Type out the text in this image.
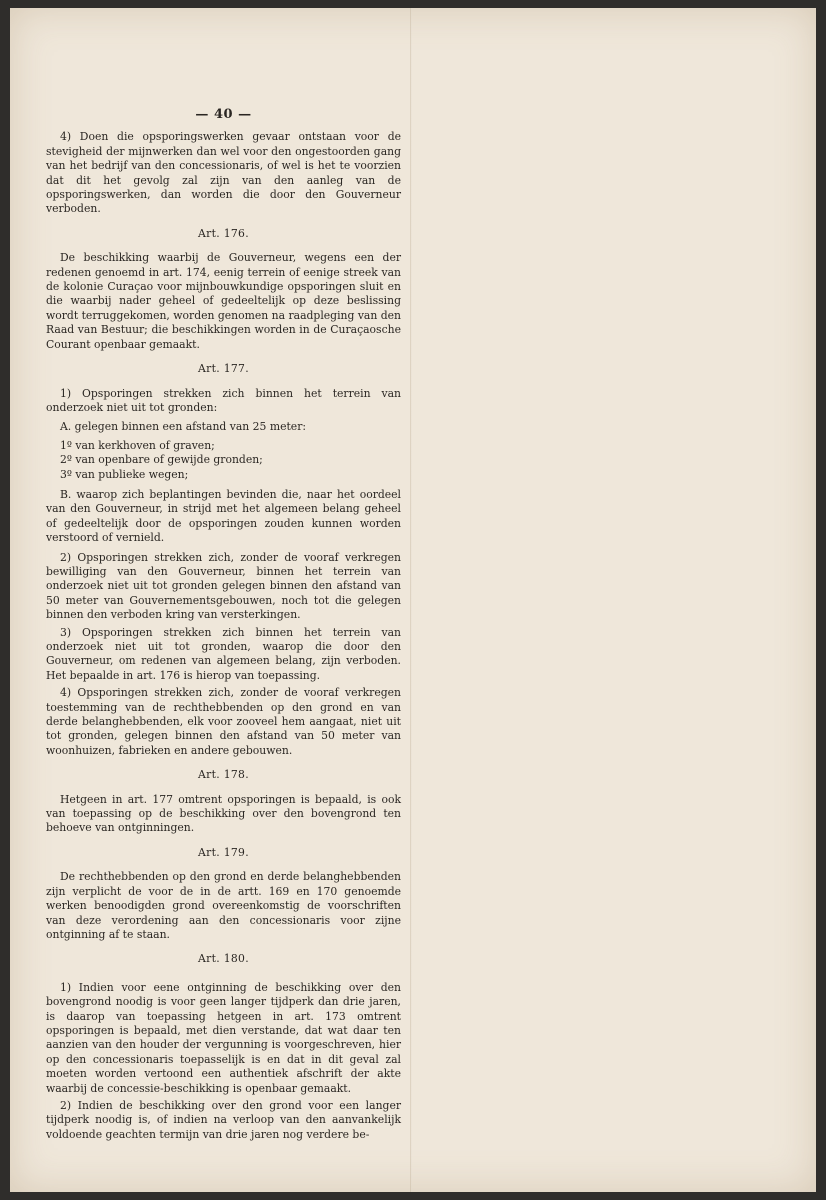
— 40 —

4) Doen die opsporingswerken gevaar ontstaan voor de stevigheid der mijnwerken dan wel voor den ongestoorden gang van het bedrijf van den concessionaris, of wel is het te voorzien dat dit het gevolg zal zijn van den aanleg van de opsporingswerken, dan worden die door den Gouverneur verboden.

Art. 176.

De beschikking waarbij de Gouverneur, wegens een der redenen genoemd in art. 174, eenig terrein of eenige streek van de kolonie Curaçao voor mijnbouwkundige opsporingen sluit en die waarbij nader geheel of gedeeltelijk op deze beslissing wordt terruggekomen, worden genomen na raadpleging van den Raad van Bestuur; die beschikkingen worden in de Curaçaosche Courant openbaar gemaakt.

Art. 177.

1) Opsporingen strekken zich binnen het terrein van onderzoek niet uit tot gronden:

A. gelegen binnen een afstand van 25 meter:

1º van kerkhoven of graven;

2º van openbare of gewijde gronden;

3º van publieke wegen;

B. waarop zich beplantingen bevinden die, naar het oordeel van den Gouverneur, in strijd met het algemeen belang geheel of gedeeltelijk door de opsporingen zouden kunnen worden verstoord of vernield.

2) Opsporingen strekken zich, zonder de vooraf verkregen bewilliging van den Gouverneur, binnen het terrein van onderzoek niet uit tot gronden gelegen binnen den afstand van 50 meter van Gouvernementsgebouwen, noch tot die gelegen binnen den verboden kring van versterkingen.

3) Opsporingen strekken zich binnen het terrein van onderzoek niet uit tot gronden, waarop die door den Gouverneur, om redenen van algemeen belang, zijn verboden. Het bepaalde in art. 176 is hierop van toepassing.

4) Opsporingen strekken zich, zonder de vooraf verkregen toestemming van de rechthebbenden op den grond en van derde belanghebbenden, elk voor zooveel hem aangaat, niet uit tot gronden, gelegen binnen den afstand van 50 meter van woonhuizen, fabrieken en andere gebouwen.

Art. 178.

Hetgeen in art. 177 omtrent opsporingen is bepaald, is ook van toepassing op de beschikking over den bovengrond ten behoeve van ontginningen.

Art. 179.

De rechthebbenden op den grond en derde belanghebbenden zijn verplicht de voor de in de artt. 169 en 170 genoemde werken benoodigden grond overeenkomstig de voorschriften van deze verordening aan den concessionaris voor zijne ontginning af te staan.

Art. 180.

1) Indien voor eene ontginning de beschikking over den bovengrond noodig is voor geen langer tijdperk dan drie jaren, is daarop van toepassing hetgeen in art. 173 omtrent opsporingen is bepaald, met dien verstande, dat wat daar ten aanzien van den houder der vergunning is voorgeschreven, hier op den concessionaris toepasselijk is en dat in dit geval zal moeten worden vertoond een authentiek afschrift der akte waarbij de concessie-beschikking is openbaar gemaakt.

2) Indien de beschikking over den grond voor een langer tijdperk noodig is, of indien na verloop van den aanvankelijk voldoende geachten termijn van drie jaren nog verdere be-
